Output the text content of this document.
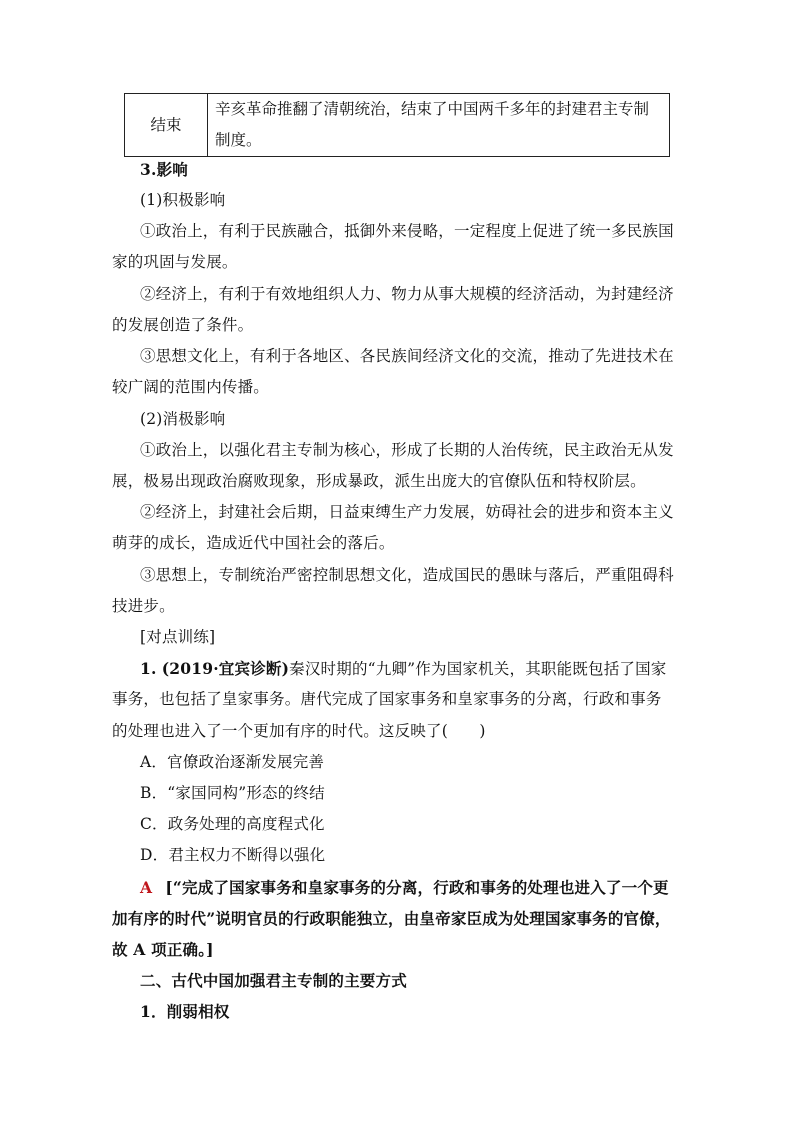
结束	辛亥革命推翻了清朝统治，结束了中国两千多年的封建君主专制制度。
3.影响
(1)积极影响
①政治上，有利于民族融合，抵御外来侵略，一定程度上促进了统一多民族国
家的巩固与发展。
②经济上，有利于有效地组织人力、物力从事大规模的经济活动，为封建经济
的发展创造了条件。
③思想文化上，有利于各地区、各民族间经济文化的交流，推动了先进技术在
较广阔的范围内传播。
(2)消极影响
①政治上，以强化君主专制为核心，形成了长期的人治传统，民主政治无从发
展，极易出现政治腐败现象，形成暴政，派生出庞大的官僚队伍和特权阶层。
②经济上，封建社会后期，日益束缚生产力发展，妨碍社会的进步和资本主义
萌芽的成长，造成近代中国社会的落后。
③思想上，专制统治严密控制思想文化，造成国民的愚昧与落后，严重阻碍科
技进步。
[对点训练]
1. (2019·宜宾诊断)秦汉时期的“九卿”作为国家机关，其职能既包括了国家
事务，也包括了皇家事务。唐代完成了国家事务和皇家事务的分离，行政和事务
的处理也进入了一个更加有序的时代。这反映了(　　)
A．官僚政治逐渐发展完善
B．“家国同构”形态的终结
C．政务处理的高度程式化
D．君主权力不断得以强化
A [“完成了国家事务和皇家事务的分离，行政和事务的处理也进入了一个更
加有序的时代”说明官员的行政职能独立，由皇帝家臣成为处理国家事务的官僚，
故 A 项正确。]
二、古代中国加强君主专制的主要方式
1．削弱相权
